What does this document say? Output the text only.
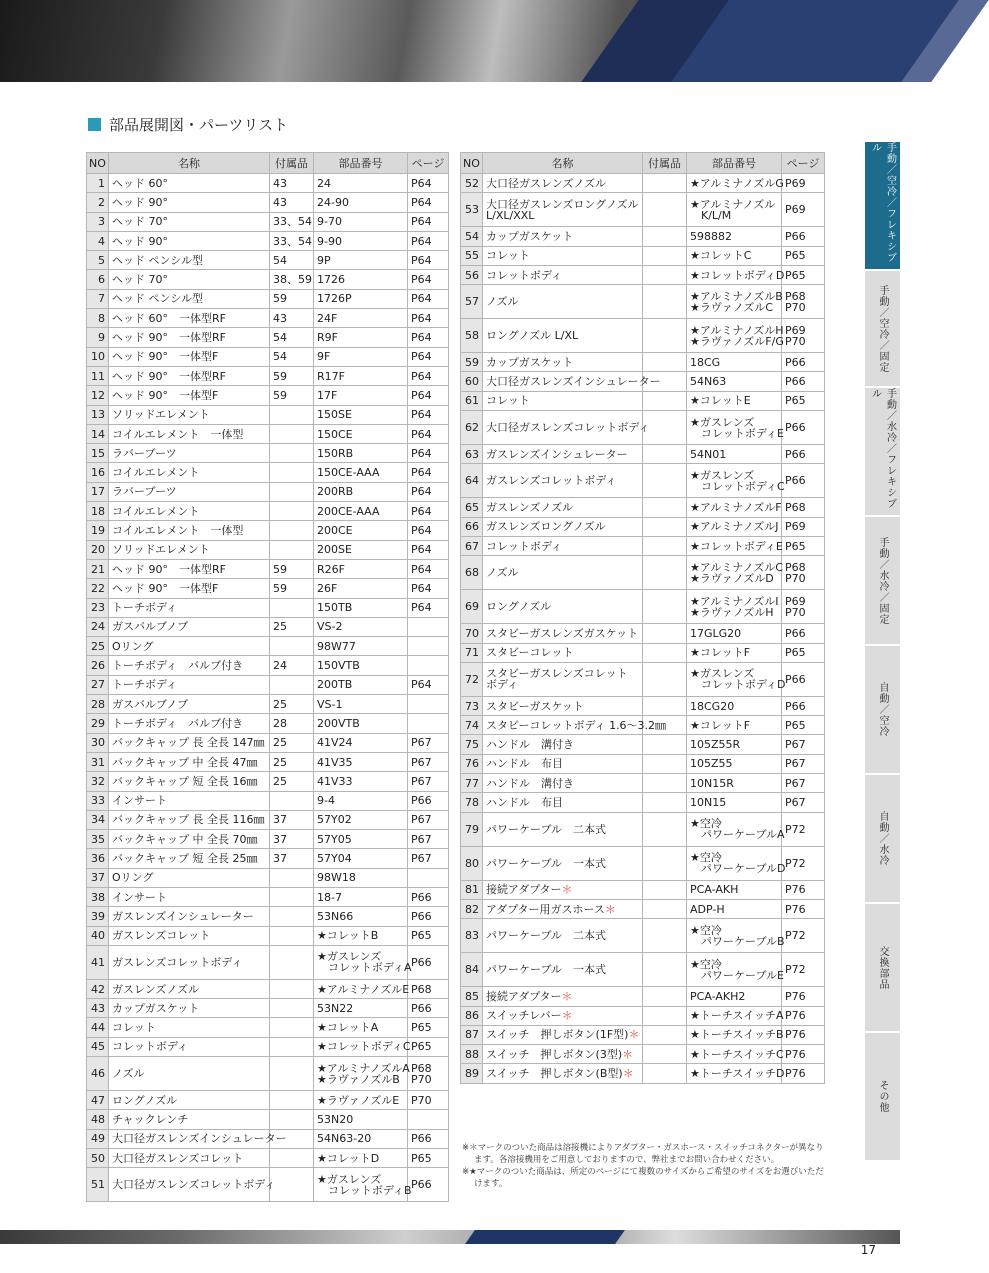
部品展開図・パーツリスト
NO	名称	付属品	部品番号	ページ
1	ヘッド 60°	43	24	P64
2	ヘッド 90°	43	24-90	P64
3	ヘッド 70°	33、54	9-70	P64
4	ヘッド 90°	33、54	9-90	P64
5	ヘッド ペンシル型	54	9P	P64
6	ヘッド 70°	38、59	1726	P64
7	ヘッド ペンシル型	59	1726P	P64
8	ヘッド 60°　一体型RF	43	24F	P64
9	ヘッド 90°　一体型RF	54	R9F	P64
10	ヘッド 90°　一体型F	54	9F	P64
11	ヘッド 90°　一体型RF	59	R17F	P64
12	ヘッド 90°　一体型F	59	17F	P64
13	ソリッドエレメント		150SE	P64
14	コイルエレメント　一体型		150CE	P64
15	ラバーブーツ		150RB	P64
16	コイルエレメント		150CE-AAA	P64
17	ラバーブーツ		200RB	P64
18	コイルエレメント		200CE-AAA	P64
19	コイルエレメント　一体型		200CE	P64
20	ソリッドエレメント		200SE	P64
21	ヘッド 90°　一体型RF	59	R26F	P64
22	ヘッド 90°　一体型F	59	26F	P64
23	トーチボディ		150TB	P64
24	ガスバルブノブ	25	VS-2	
25	Oリング		98W77	
26	トーチボディ　バルブ付き	24	150VTB	
27	トーチボディ		200TB	P64
28	ガスバルブノブ	25	VS-1	
29	トーチボディ　バルブ付き	28	200VTB	
30	バックキャップ 長 全長 147㎜	25	41V24	P67
31	バックキャップ 中 全長 47㎜	25	41V35	P67
32	バックキャップ 短 全長 16㎜	25	41V33	P67
33	インサート		9-4	P66
34	バックキャップ 長 全長 116㎜	37	57Y02	P67
35	バックキャップ 中 全長 70㎜	37	57Y05	P67
36	バックキャップ 短 全長 25㎜	37	57Y04	P67
37	Oリング		98W18	
38	インサート		18-7	P66
39	ガスレンズインシュレーター		53N66	P66
40	ガスレンズコレット		★コレットB	P65
41	ガスレンズコレットボディ		★ガスレンズ
　コレットボディA	P66
42	ガスレンズノズル		★アルミナノズルE	P68
43	カップガスケット		53N22	P66
44	コレット		★コレットA	P65
45	コレットボディ		★コレットボディC	P65
46	ノズル		★アルミナノズルA
★ラヴァノズルB	P68
P70
47	ロングノズル		★ラヴァノズルE	P70
48	チャックレンチ		53N20	
49	大口径ガスレンズインシュレーター		54N63-20	P66
50	大口径ガスレンズコレット		★コレットD	P65
51	大口径ガスレンズコレットボディ		★ガスレンズ
　コレットボディB	P66
NO	名称	付属品	部品番号	ページ
52	大口径ガスレンズノズル		★アルミナノズルG	P69
53	大口径ガスレンズロングノズル
L/XL/XXL		★アルミナノズル
　K/L/M	P69
54	カップガスケット		598882	P66
55	コレット		★コレットC	P65
56	コレットボディ		★コレットボディD	P65
57	ノズル		★アルミナノズルB
★ラヴァノズルC	P68
P70
58	ロングノズル L/XL		★アルミナノズルH
★ラヴァノズルF/G	P69
P70
59	カップガスケット		18CG	P66
60	大口径ガスレンズインシュレーター		54N63	P66
61	コレット		★コレットE	P65
62	大口径ガスレンズコレットボディ		★ガスレンズ
　コレットボディE	P66
63	ガスレンズインシュレーター		54N01	P66
64	ガスレンズコレットボディ		★ガスレンズ
　コレットボディC	P66
65	ガスレンズノズル		★アルミナノズルF	P68
66	ガスレンズロングノズル		★アルミナノズルJ	P69
67	コレットボディ		★コレットボディE	P65
68	ノズル		★アルミナノズルC
★ラヴァノズルD	P68
P70
69	ロングノズル		★アルミナノズルI
★ラヴァノズルH	P69
P70
70	スタビーガスレンズガスケット		17GLG20	P66
71	スタビーコレット		★コレットF	P65
72	スタビーガスレンズコレット
ボディ		★ガスレンズ
　コレットボディD	P66
73	スタビーガスケット		18CG20	P66
74	スタビーコレットボディ 1.6～3.2㎜		★コレットF	P65
75	ハンドル　溝付き		105Z55R	P67
76	ハンドル　布目		105Z55	P67
77	ハンドル　溝付き		10N15R	P67
78	ハンドル　布目		10N15	P67
79	パワーケーブル　二本式		★空冷
　パワーケーブルA	P72
80	パワーケーブル　一本式		★空冷
　パワーケーブルD	P72
81	接続アダプター＊		PCA-AKH	P76
82	アダプター用ガスホース＊		ADP-H	P76
83	パワーケーブル　二本式		★空冷
　パワーケーブルB	P72
84	パワーケーブル　一本式		★空冷
　パワーケーブルE	P72
85	接続アダプター＊		PCA-AKH2	P76
86	スイッチレバー＊		★トーチスイッチA	P76
87	スイッチ　押しボタン(1F型)＊		★トーチスイッチB	P76
88	スイッチ　押しボタン(3型)＊		★トーチスイッチC	P76
89	スイッチ　押しボタン(B型)＊		★トーチスイッチD	P76

※＊マークのついた商品は溶接機によりアダプター・ガスホース・スイッチコネクターが異なります。各溶接機用をご用意しておりますので、弊社までお問い合わせください。

※★マークのついた商品は、所定のページにて複数のサイズからご希望のサイズをお選びいただけます。

手動／空冷／フレキシブル
手動／空冷／固定
手動／水冷／フレキシブル
手動／水冷／固定
自動／空冷
自動／水冷
交換部品
その他
17
